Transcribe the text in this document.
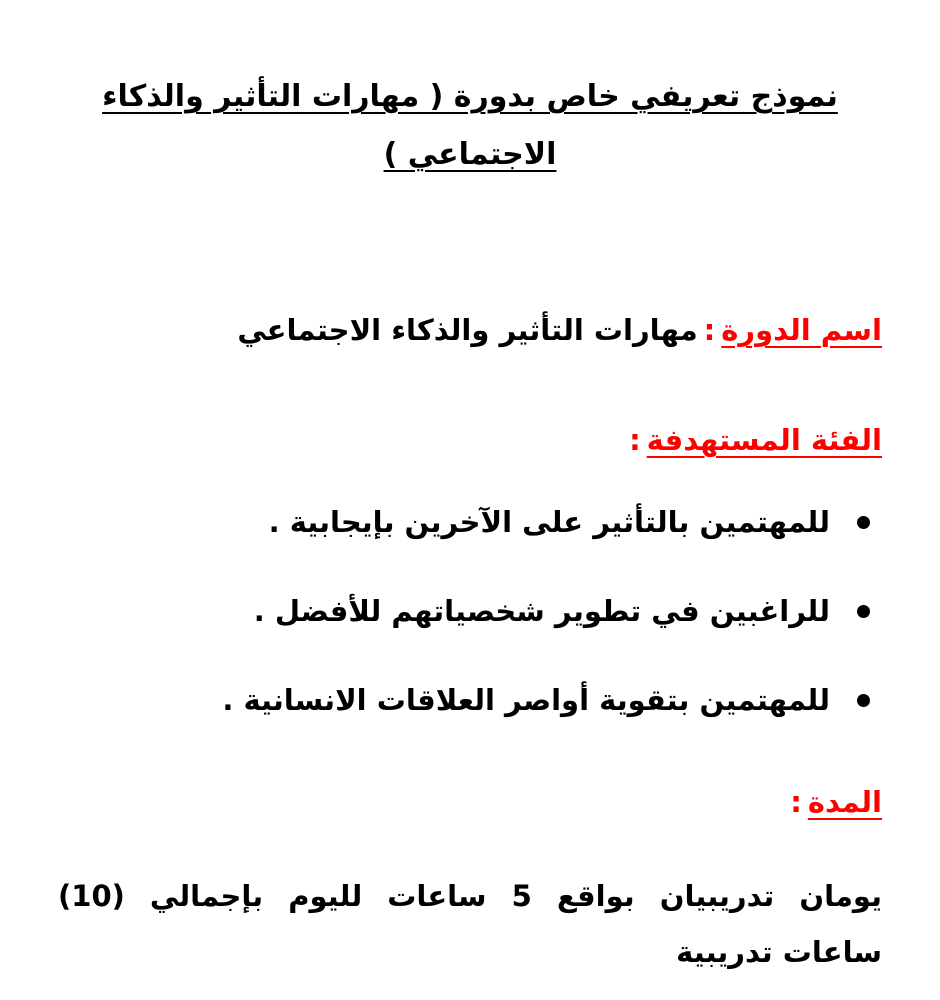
نموذج تعريفي خاص بدورة ( مهارات التأثير والذكاء الاجتماعي )
اسم الدورة:مهارات التأثير والذكاء الاجتماعي
الفئة المستهدفة:
للمهتمين بالتأثير على الآخرين بإيجابية .
للراغبين في تطوير شخصياتهم للأفضل .
للمهتمين بتقوية أواصر العلاقات الانسانية .
المدة:
يومان تدريبيان بواقع 5 ساعات لليوم بإجمالي (10) ساعات تدريبية
